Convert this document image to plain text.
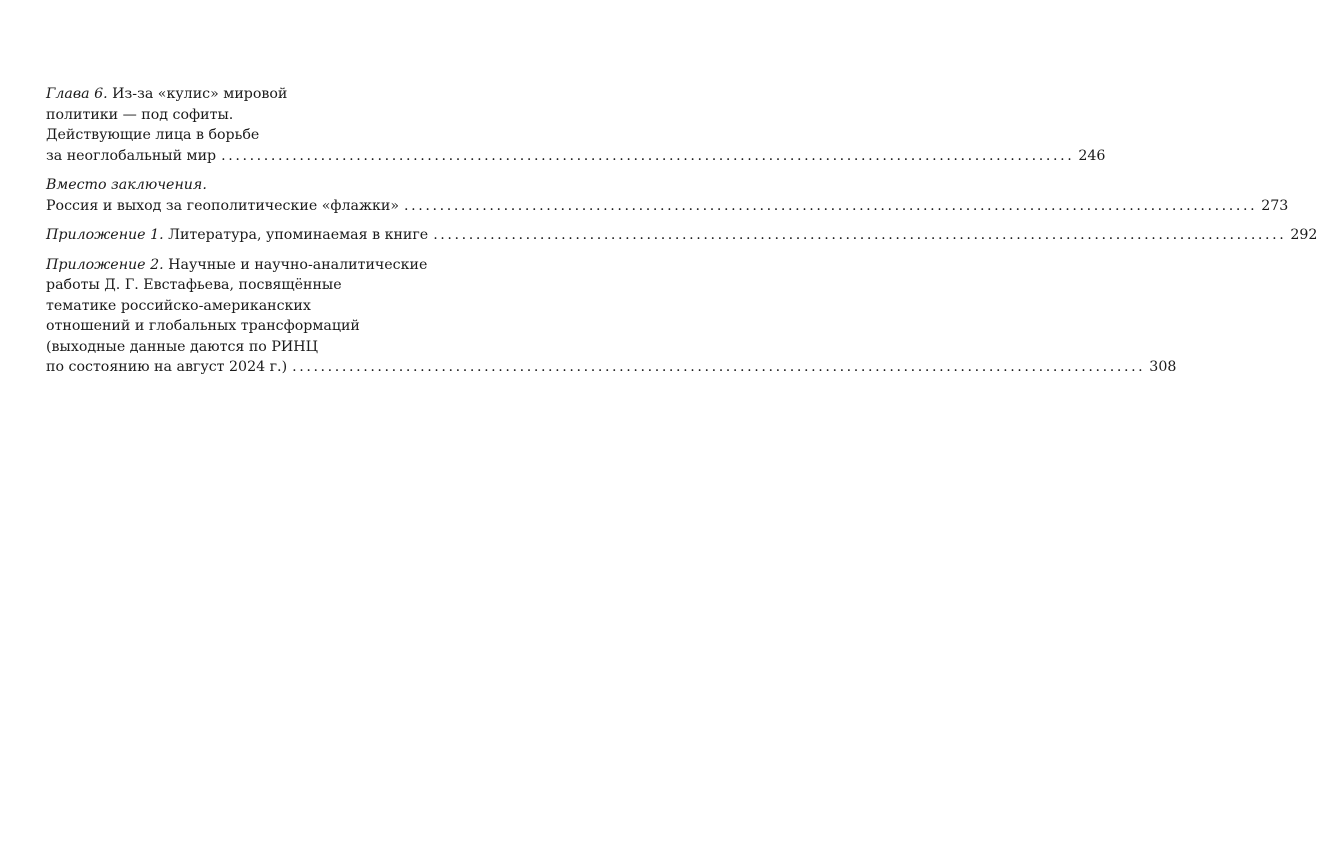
Глава 6. Из-за «кулис» мировой
политики — под софиты.
Действующие лица в борьбе
за неоглобальный мир ........................................................................................................................ 246
Вместо заключения.
Россия и выход за геополитические «флажки» ........................................................................................................................ 273
Приложение 1. Литература, упоминаемая в книге ........................................................................................................................ 292
Приложение 2. Научные и научно-аналитические
работы Д. Г. Евстафьева, посвящённые
тематике российско-американских
отношений и глобальных трансформаций
(выходные данные даются по РИНЦ
по состоянию на август 2024 г.) ........................................................................................................................ 308
